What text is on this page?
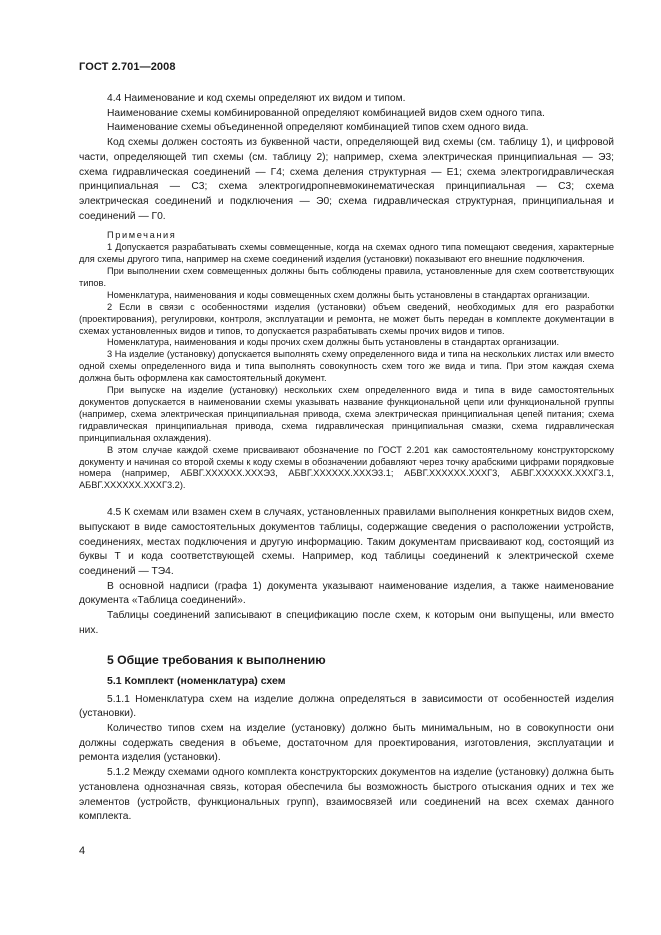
ГОСТ 2.701—2008

4.4 Наименование и код схемы определяют их видом и типом.

Наименование схемы комбинированной определяют комбинацией видов схем одного типа.

Наименование схемы объединенной определяют комбинацией типов схем одного вида.

Код схемы должен состоять из буквенной части, определяющей вид схемы (см. таблицу 1), и цифровой части, определяющей тип схемы (см. таблицу 2); например, схема электрическая принципиальная — Э3; схема гидравлическая соединений — Г4; схема деления структурная — Е1; схема электрогидравлическая принципиальная — С3; схема электрогидропневмокинематическая принципиальная — С3; схема электрическая соединений и подключения — Э0; схема гидравлическая структурная, принципиальная и соединений — Г0.

Примечания

1 Допускается разрабатывать схемы совмещенные, когда на схемах одного типа помещают сведения, характерные для схемы другого типа, например на схеме соединений изделия (установки) показывают его внешние подключения.

При выполнении схем совмещенных должны быть соблюдены правила, установленные для схем соответствующих типов.

Номенклатура, наименования и коды совмещенных схем должны быть установлены в стандартах организации.

2 Если в связи с особенностями изделия (установки) объем сведений, необходимых для его разработки (проектирования), регулировки, контроля, эксплуатации и ремонта, не может быть передан в комплекте документации в схемах установленных видов и типов, то допускается разрабатывать схемы прочих видов и типов.

Номенклатура, наименования и коды прочих схем должны быть установлены в стандартах организации.

3 На изделие (установку) допускается выполнять схему определенного вида и типа на нескольких листах или вместо одной схемы определенного вида и типа выполнять совокупность схем того же вида и типа. При этом каждая схема должна быть оформлена как самостоятельный документ.

При выпуске на изделие (установку) нескольких схем определенного вида и типа в виде самостоятельных документов допускается в наименовании схемы указывать название функциональной цепи или функциональной группы (например, схема электрическая принципиальная привода, схема электрическая принципиальная цепей питания; схема гидравлическая принципиальная привода, схема гидравлическая принципиальная смазки, схема гидравлическая принципиальная охлаждения).

В этом случае каждой схеме присваивают обозначение по ГОСТ 2.201 как самостоятельному конструкторскому документу и начиная со второй схемы к коду схемы в обозначении добавляют через точку арабскими цифрами порядковые номера (например, АБВГ.XXXXXX.XXXЭ3, АБВГ.XXXXXX.XXXЭ3.1; АБВГ.XXXXXX.XXXГ3, АБВГ.XXXXXX.XXXГ3.1, АБВГ.XXXXXX.XXXГ3.2).

4.5 К схемам или взамен схем в случаях, установленных правилами выполнения конкретных видов схем, выпускают в виде самостоятельных документов таблицы, содержащие сведения о расположении устройств, соединениях, местах подключения и другую информацию. Таким документам присваивают код, состоящий из буквы Т и кода соответствующей схемы. Например, код таблицы соединений к электрической схеме соединений — ТЭ4.

В основной надписи (графа 1) документа указывают наименование изделия, а также наименование документа «Таблица соединений».

Таблицы соединений записывают в спецификацию после схем, к которым они выпущены, или вместо них.

5 Общие требования к выполнению
5.1 Комплект (номенклатура) схем

5.1.1 Номенклатура схем на изделие должна определяться в зависимости от особенностей изделия (установки).

Количество типов схем на изделие (установку) должно быть минимальным, но в совокупности они должны содержать сведения в объеме, достаточном для проектирования, изготовления, эксплуатации и ремонта изделия (установки).

5.1.2 Между схемами одного комплекта конструкторских документов на изделие (установку) должна быть установлена однозначная связь, которая обеспечила бы возможность быстрого отыскания одних и тех же элементов (устройств, функциональных групп), взаимосвязей или соединений на всех схемах данного комплекта.

4
